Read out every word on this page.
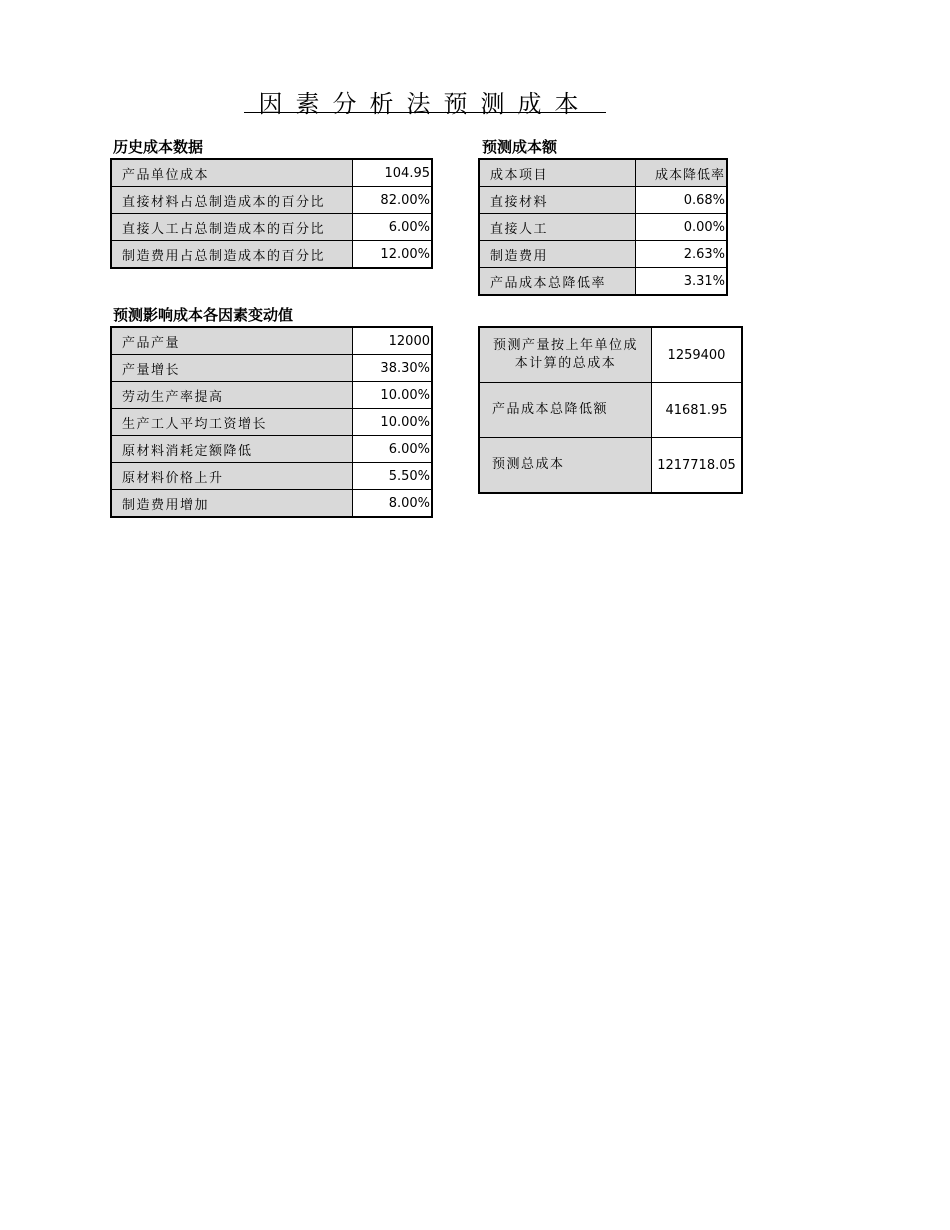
因素分析法预测成本
历史成本数据
产品单位成本	104.95
直接材料占总制造成本的百分比	82.00%
直接人工占总制造成本的百分比	6.00%
制造费用占总制造成本的百分比	12.00%
预测成本额
成本项目	成本降低率
直接材料	0.68%
直接人工	0.00%
制造费用	2.63%
产品成本总降低率	3.31%
预测影响成本各因素变动值
产品产量	12000
产量增长	38.30%
劳动生产率提高	10.00%
生产工人平均工资增长	10.00%
原材料消耗定额降低	6.00%
原材料价格上升	5.50%
制造费用增加	8.00%
预测产量按上年单位成本计算的总成本	1259400
产品成本总降低额	41681.95
预测总成本	1217718.05
